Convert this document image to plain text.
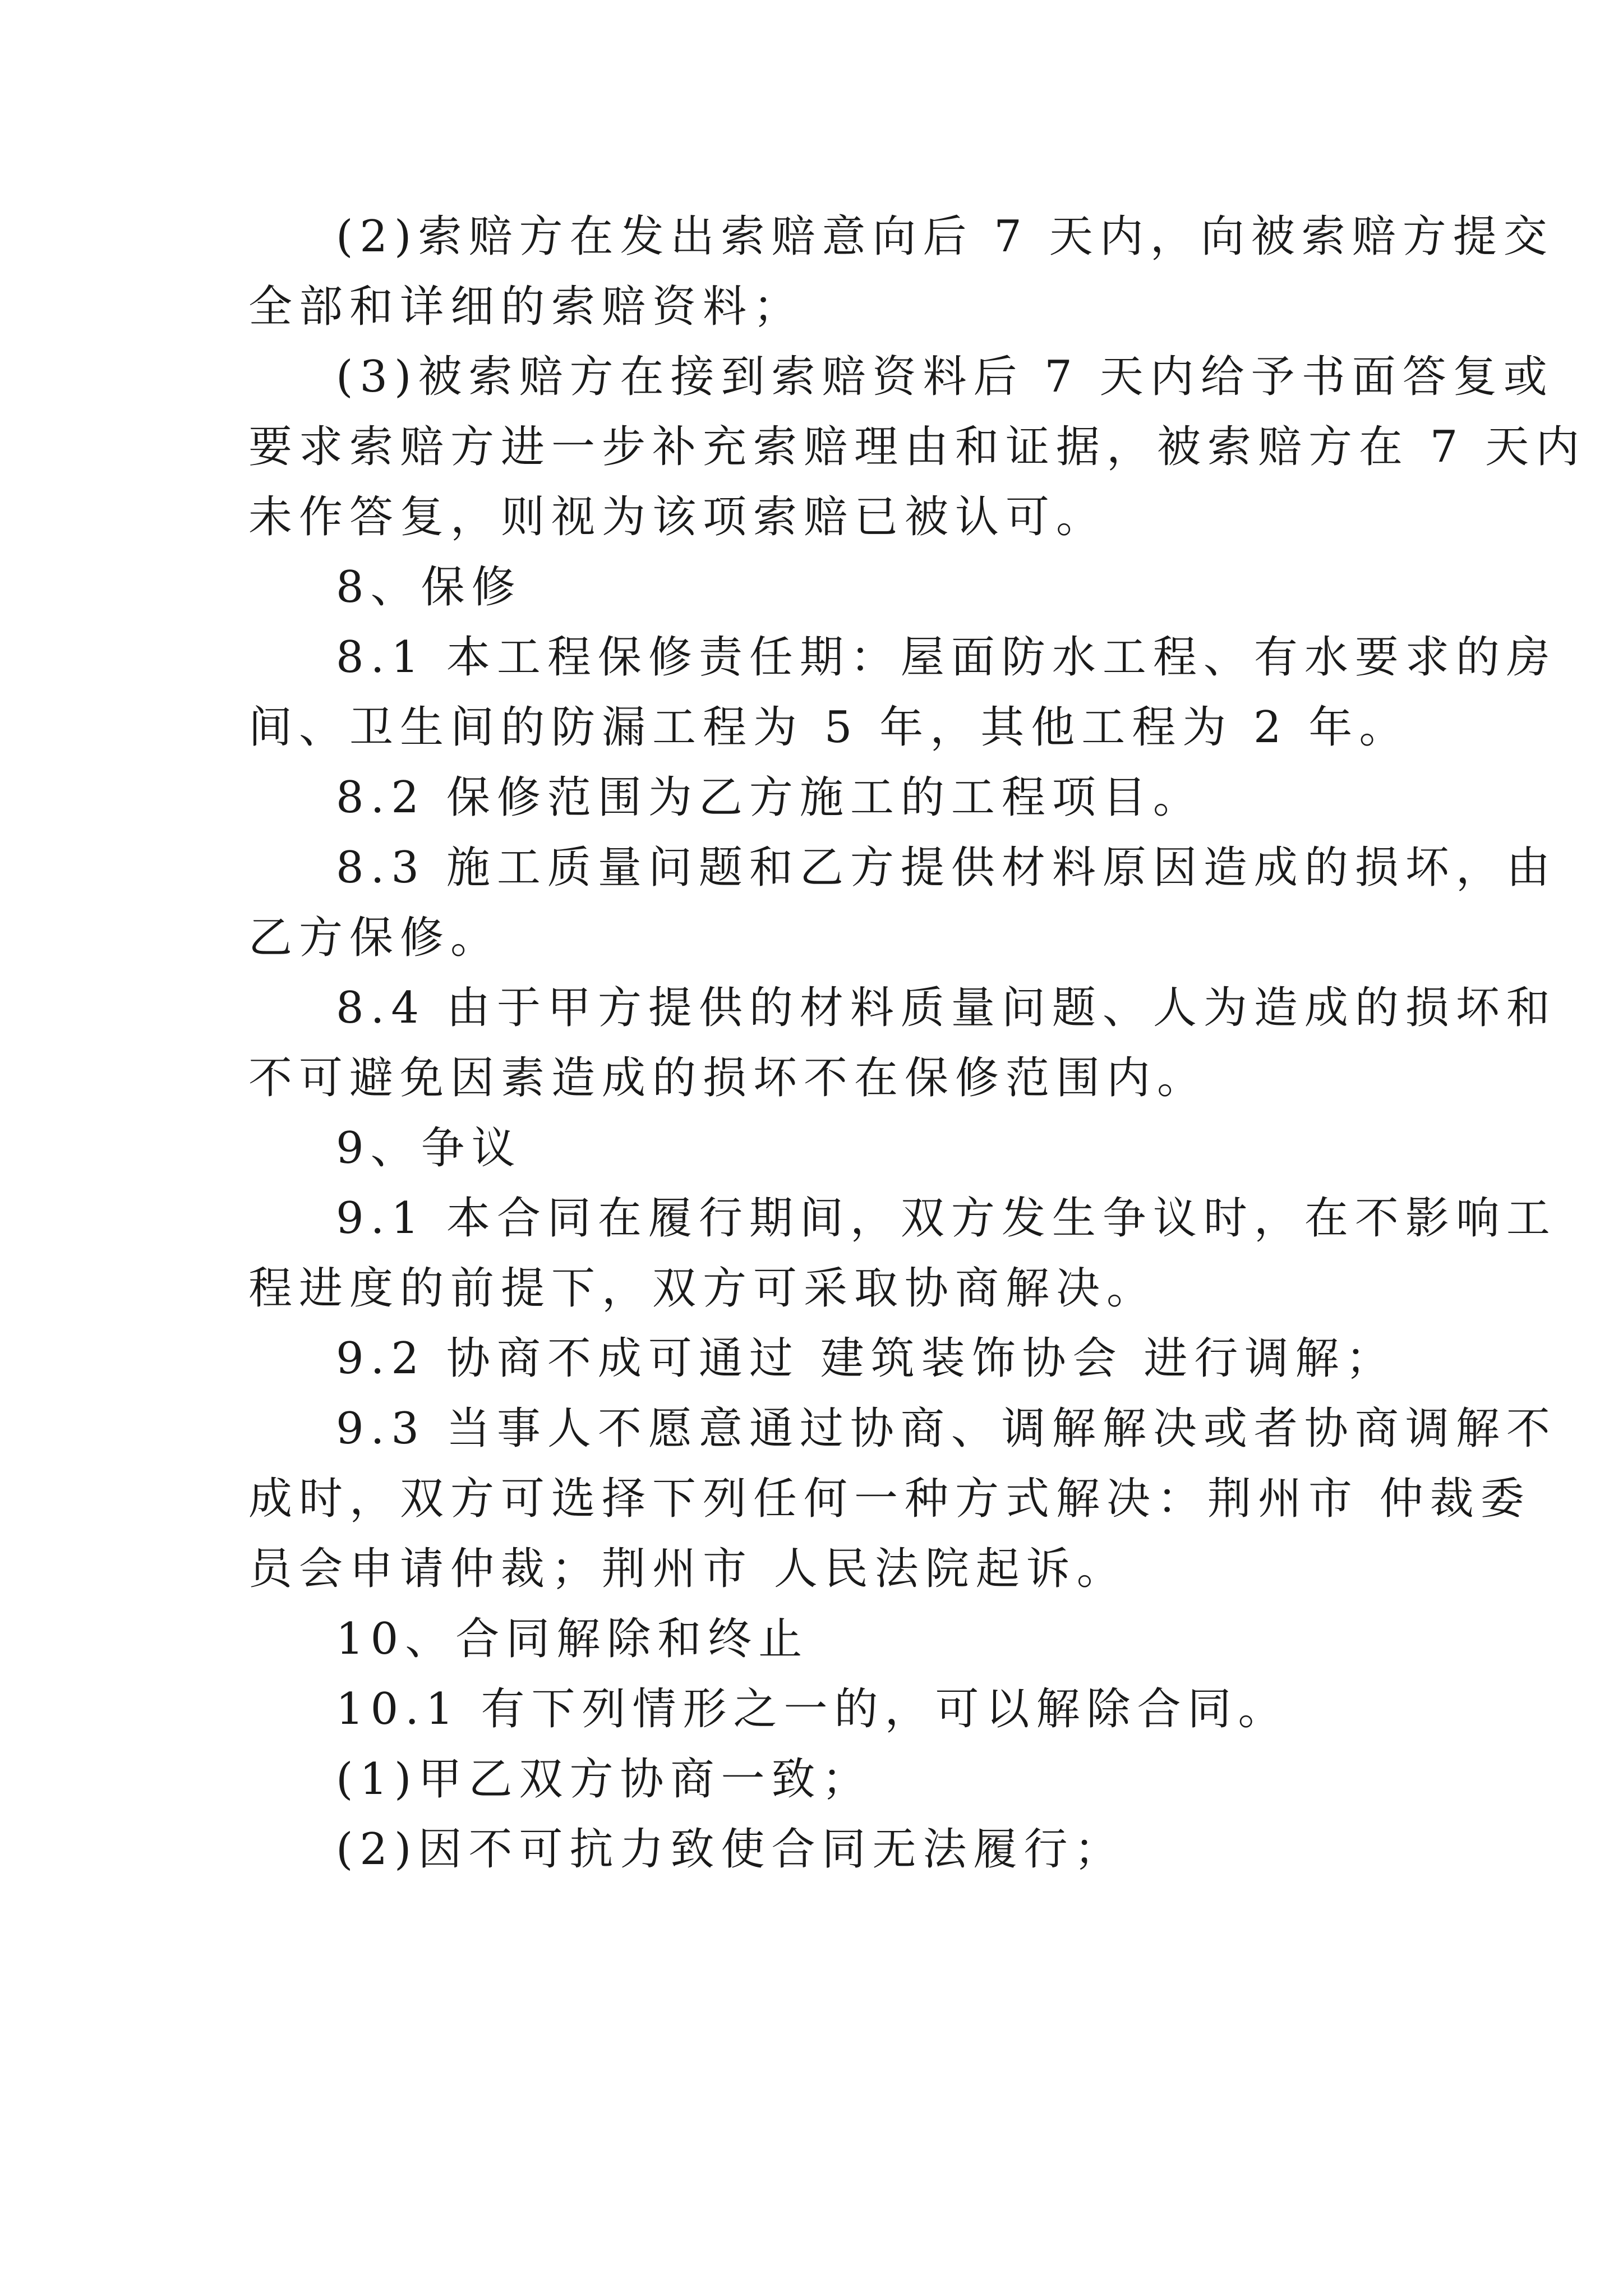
(2)索赔方在发出索赔意向后 7 天内，向被索赔方提交
全部和详细的索赔资料；

(3)被索赔方在接到索赔资料后 7 天内给予书面答复或
要求索赔方进一步补充索赔理由和证据，被索赔方在 7 天内
未作答复，则视为该项索赔已被认可。

8、保修

8.1 本工程保修责任期：屋面防水工程、有水要求的房
间、卫生间的防漏工程为 5 年，其他工程为 2 年。

8.2 保修范围为乙方施工的工程项目。

8.3 施工质量问题和乙方提供材料原因造成的损坏，由
乙方保修。

8.4 由于甲方提供的材料质量问题、人为造成的损坏和
不可避免因素造成的损坏不在保修范围内。

9、争议

9.1 本合同在履行期间，双方发生争议时，在不影响工
程进度的前提下，双方可采取协商解决。

9.2 协商不成可通过 建筑装饰协会 进行调解；

9.3 当事人不愿意通过协商、调解解决或者协商调解不
成时，双方可选择下列任何一种方式解决：荆州市 仲裁委
员会申请仲裁；荆州市 人民法院起诉。

10、合同解除和终止

10.1 有下列情形之一的，可以解除合同。

(1)甲乙双方协商一致；

(2)因不可抗力致使合同无法履行；
